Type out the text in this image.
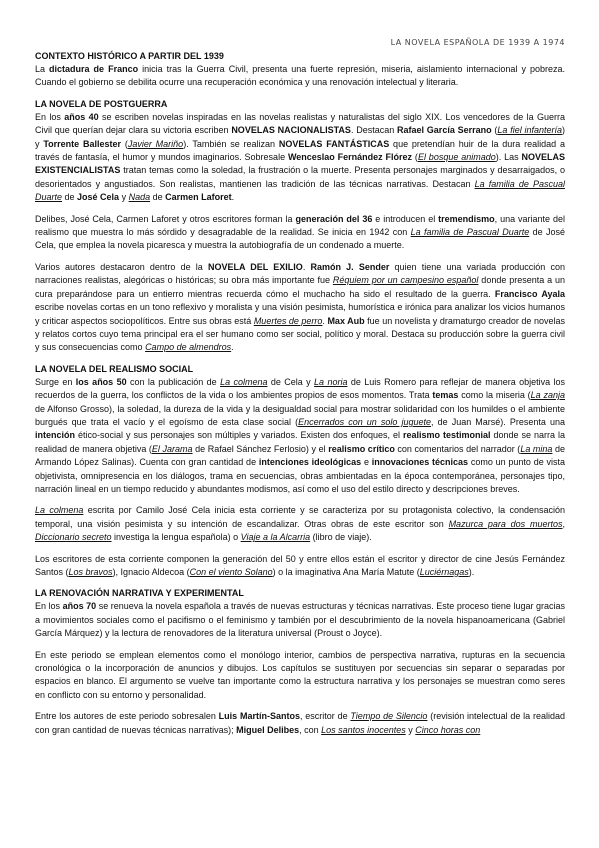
LA NOVELA ESPAÑOLA DE 1939 A 1974
CONTEXTO HISTÓRICO A PARTIR DEL 1939

La dictadura de Franco inicia tras la Guerra Civil, presenta una fuerte represión, miseria, aislamiento internacional y pobreza. Cuando el gobierno se debilita ocurre una recuperación económica y una renovación intelectual y literaria.

LA NOVELA DE POSTGUERRA

En los años 40 se escriben novelas inspiradas en las novelas realistas y naturalistas del siglo XIX. Los vencedores de la Guerra Civil que querían dejar clara su victoria escriben NOVELAS NACIONALISTAS. Destacan Rafael García Serrano (La fiel infantería) y Torrente Ballester (Javier Mariño). También se realizan NOVELAS FANTÁSTICAS que pretendían huir de la dura realidad a través de fantasía, el humor y mundos imaginarios. Sobresale Wenceslao Fernández Flórez (El bosque animado). Las NOVELAS EXISTENCIALISTAS tratan temas como la soledad, la frustración o la muerte. Presenta personajes marginados y desarraigados, o desorientados y angustiados. Son realistas, mantienen las tradición de las técnicas narrativas. Destacan La familia de Pascual Duarte de José Cela y Nada de Carmen Laforet.

Delibes, José Cela, Carmen Laforet y otros escritores forman la generación del 36 e introducen el tremendismo, una variante del realismo que muestra lo más sórdido y desagradable de la realidad. Se inicia en 1942 con La familia de Pascual Duarte de José Cela, que emplea la novela picaresca y muestra la autobiografía de un condenado a muerte.

Varios autores destacaron dentro de la NOVELA DEL EXILIO. Ramón J. Sender quien tiene una variada producción con narraciones realistas, alegóricas o históricas; su obra más importante fue Réquiem por un campesino español donde presenta a un cura preparándose para un entierro mientras recuerda cómo el muchacho ha sido el resultado de la guerra. Francisco Ayala escribe novelas cortas en un tono reflexivo y moralista y una visión pesimista, humorística e irónica para analizar los vicios humanos y criticar aspectos sociopolíticos. Entre sus obras está Muertes de perro. Max Aub fue un novelista y dramaturgo creador de novelas y relatos cortos cuyo tema principal era el ser humano como ser social, político y moral. Destaca su producción sobre la guerra civil y sus consecuencias como Campo de almendros.

LA NOVELA DEL REALISMO SOCIAL

Surge en los años 50 con la publicación de La colmena de Cela y La noria de Luis Romero para reflejar de manera objetiva los recuerdos de la guerra, los conflictos de la vida o los ambientes propios de esos momentos. Trata temas como la miseria (La zanja de Alfonso Grosso), la soledad, la dureza de la vida y la desigualdad social para mostrar solidaridad con los humildes o el ambiente burgués que trata el vacío y el egoísmo de esta clase social (Encerrados con un solo juguete, de Juan Marsé). Presenta una intención ético-social y sus personajes son múltiples y variados. Existen dos enfoques, el realismo testimonial donde se narra la realidad de manera objetiva (El Jarama de Rafael Sánchez Ferlosio) y el realismo crítico con comentarios del narrador (La mina de Armando López Salinas). Cuenta con gran cantidad de intenciones ideológicas e innovaciones técnicas como un punto de vista objetivista, omnipresencia en los diálogos, trama en secuencias, obras ambientadas en la época contemporánea, personajes tipo, narración lineal en un tiempo reducido y abundantes modismos, así como el uso del estilo directo y descripciones breves.

La colmena escrita por Camilo José Cela inicia esta corriente y se caracteriza por su protagonista colectivo, la condensación temporal, una visión pesimista y su intención de escandalizar. Otras obras de este escritor son Mazurca para dos muertos, Diccionario secreto investiga la lengua española) o Viaje a la Alcarria (libro de viaje).

Los escritores de esta corriente componen la generación del 50 y entre ellos están el escritor y director de cine Jesús Fernández Santos (Los bravos), Ignacio Aldecoa (Con el viento Solano) o la imaginativa Ana María Matute (Luciérnagas).

LA RENOVACIÓN NARRATIVA Y EXPERIMENTAL

En los años 70 se renueva la novela española a través de nuevas estructuras y técnicas narrativas. Este proceso tiene lugar gracias a movimientos sociales como el pacifismo o el feminismo y también por el descubrimiento de la novela hispanoamericana (Gabriel García Márquez) y la lectura de renovadores de la literatura universal (Proust o Joyce).

En este periodo se emplean elementos como el monólogo interior, cambios de perspectiva narrativa, rupturas en la secuencia cronológica o la incorporación de anuncios y dibujos. Los capítulos se sustituyen por secuencias sin separar o separadas por espacios en blanco. El argumento se vuelve tan importante como la estructura narrativa y los personajes se muestran como seres en conflicto con su entorno y personalidad.

Entre los autores de este periodo sobresalen Luis Martín-Santos, escritor de Tiempo de Silencio (revisión intelectual de la realidad con gran cantidad de nuevas técnicas narrativas); Miguel Delibes, con Los santos inocentes y Cinco horas con
